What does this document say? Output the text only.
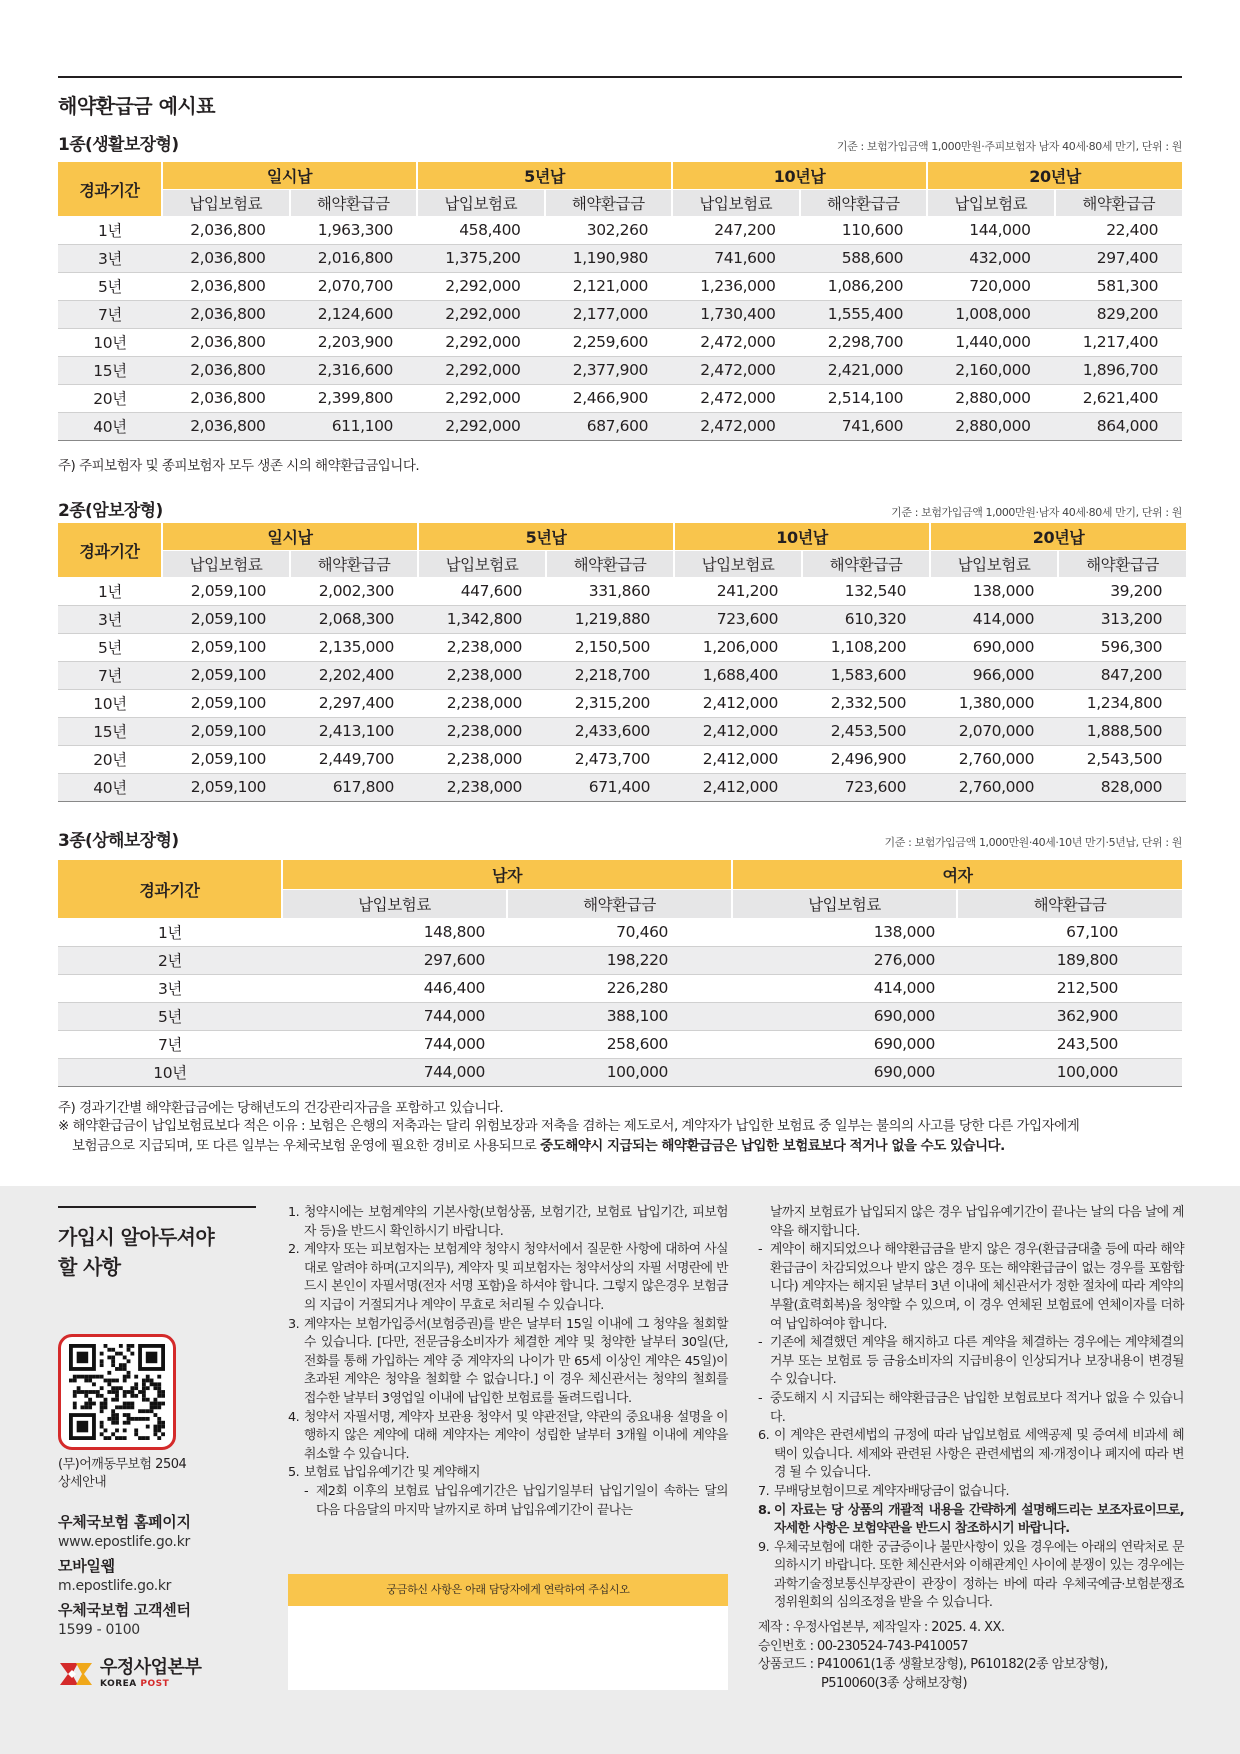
해약환급금 예시표
1종(생활보장형)	기준 : 보험가입금액 1,000만원·주피보험자 남자 40세·80세 만기, 단위 : 원
경과기간	일시납		5년납		10년납		20년납	
	납입보험료	해약환급금	납입보험료	해약환급금	납입보험료	해약환급금	납입보험료	해약환급금
1년	2,036,800	1,963,300	458,400	302,260	247,200	110,600	144,000	22,400
3년	2,036,800	2,016,800	1,375,200	1,190,980	741,600	588,600	432,000	297,400
5년	2,036,800	2,070,700	2,292,000	2,121,000	1,236,000	1,086,200	720,000	581,300
7년	2,036,800	2,124,600	2,292,000	2,177,000	1,730,400	1,555,400	1,008,000	829,200
10년	2,036,800	2,203,900	2,292,000	2,259,600	2,472,000	2,298,700	1,440,000	1,217,400
15년	2,036,800	2,316,600	2,292,000	2,377,900	2,472,000	2,421,000	2,160,000	1,896,700
20년	2,036,800	2,399,800	2,292,000	2,466,900	2,472,000	2,514,100	2,880,000	2,621,400
40년	2,036,800	611,100	2,292,000	687,600	2,472,000	741,600	2,880,000	864,000
주) 주피보험자 및 종피보험자 모두 생존 시의 해약환급금입니다.
2종(암보장형)	기준 : 보험가입금액 1,000만원·남자 40세·80세 만기, 단위 : 원
경과기간	일시납		5년납		10년납		20년납	
	납입보험료	해약환급금	납입보험료	해약환급금	납입보험료	해약환급금	납입보험료	해약환급금
1년	2,059,100	2,002,300	447,600	331,860	241,200	132,540	138,000	39,200
3년	2,059,100	2,068,300	1,342,800	1,219,880	723,600	610,320	414,000	313,200
5년	2,059,100	2,135,000	2,238,000	2,150,500	1,206,000	1,108,200	690,000	596,300
7년	2,059,100	2,202,400	2,238,000	2,218,700	1,688,400	1,583,600	966,000	847,200
10년	2,059,100	2,297,400	2,238,000	2,315,200	2,412,000	2,332,500	1,380,000	1,234,800
15년	2,059,100	2,413,100	2,238,000	2,433,600	2,412,000	2,453,500	2,070,000	1,888,500
20년	2,059,100	2,449,700	2,238,000	2,473,700	2,412,000	2,496,900	2,760,000	2,543,500
40년	2,059,100	617,800	2,238,000	671,400	2,412,000	723,600	2,760,000	828,000
3종(상해보장형)	기준 : 보험가입금액 1,000만원·40세·10년 만기·5년납, 단위 : 원
경과기간	남자		여자	
	납입보험료	해약환급금	납입보험료	해약환급금
1년	148,800	70,460	138,000	67,100
2년	297,600	198,220	276,000	189,800
3년	446,400	226,280	414,000	212,500
5년	744,000	388,100	690,000	362,900
7년	744,000	258,600	690,000	243,500
10년	744,000	100,000	690,000	100,000
주) 경과기간별 해약환급금에는 당해년도의 건강관리자금을 포함하고 있습니다.
※ 해약환급금이 납입보험료보다 적은 이유 : 보험은 은행의 저축과는 달리 위험보장과 저축을 겸하는 제도로서, 계약자가 납입한 보험료 중 일부는 불의의 사고를 당한 다른 가입자에게
보험금으로 지급되며, 또 다른 일부는 우체국보험 운영에 필요한 경비로 사용되므로 중도해약시 지급되는 해약환급금은 납입한 보험료보다 적거나 없을 수도 있습니다.
가입시 알아두셔야
할 사항
(무)어깨동무보험 2504
상세안내
우체국보험 홈페이지
www.epostlife.go.kr
모바일웹
m.epostlife.go.kr
우체국보험 고객센터
1599 - 0100
우정사업본부
KOREA POST
1. 청약시에는 보험계약의 기본사항(보험상품, 보험기간, 보험료 납입기간, 피보험자 등)을 반드시 확인하시기 바랍니다.
2. 계약자 또는 피보험자는 보험계약 청약시 청약서에서 질문한 사항에 대하여 사실대로 알려야 하며(고지의무), 계약자 및 피보험자는 청약서상의 자필 서명란에 반드시 본인이 자필서명(전자 서명 포함)을 하셔야 합니다. 그렇지 않은경우 보험금의 지급이 거절되거나 계약이 무효로 처리될 수 있습니다.
3. 계약자는 보험가입증서(보험증권)를 받은 날부터 15일 이내에 그 청약을 철회할 수 있습니다. [다만, 전문금융소비자가 체결한 계약 및 청약한 날부터 30일(단, 전화를 통해 가입하는 계약 중 계약자의 나이가 만 65세 이상인 계약은 45일)이 초과된 계약은 청약을 철회할 수 없습니다.] 이 경우 체신관서는 청약의 철회를 접수한 날부터 3영업일 이내에 납입한 보험료를 돌려드립니다.
4. 청약서 자필서명, 계약자 보관용 청약서 및 약관전달, 약관의 중요내용 설명을 이행하지 않은 계약에 대해 계약자는 계약이 성립한 날부터 3개월 이내에 계약을 취소할 수 있습니다.
5. 보험료 납입유예기간 및 계약해지
- 제2회 이후의 보험료 납입유예기간은 납입기일부터 납입기일이 속하는 달의 다음 다음달의 마지막 날까지로 하며 납입유예기간이 끝나는
궁금하신 사항은 아래 담당자에게 연락하여 주십시오
날까지 보험료가 납입되지 않은 경우 납입유예기간이 끝나는 날의 다음 날에 계약을 해지합니다.
- 계약이 해지되었으나 해약환급금을 받지 않은 경우(환급금대출 등에 따라 해약환급금이 차감되었으나 받지 않은 경우 또는 해약환급금이 없는 경우를 포함합니다) 계약자는 해지된 날부터 3년 이내에 체신관서가 정한 절차에 따라 계약의 부활(효력회복)을 청약할 수 있으며, 이 경우 연체된 보험료에 연체이자를 더하여 납입하여야 합니다.
- 기존에 체결했던 계약을 해지하고 다른 계약을 체결하는 경우에는 계약체결의 거부 또는 보험료 등 금융소비자의 지급비용이 인상되거나 보장내용이 변경될 수 있습니다.
- 중도해지 시 지급되는 해약환급금은 납입한 보험료보다 적거나 없을 수 있습니다.
6. 이 계약은 관련세법의 규정에 따라 납입보험료 세액공제 및 증여세 비과세 혜택이 있습니다. 세제와 관련된 사항은 관련세법의 제·개정이나 폐지에 따라 변경 될 수 있습니다.
7. 무배당보험이므로 계약자배당금이 없습니다.
8. 이 자료는 당 상품의 개괄적 내용을 간략하게 설명해드리는 보조자료이므로, 자세한 사항은 보험약관을 반드시 참조하시기 바랍니다.
9. 우체국보험에 대한 궁금증이나 불만사항이 있을 경우에는 아래의 연락처로 문의하시기 바랍니다. 또한 체신관서와 이해관계인 사이에 분쟁이 있는 경우에는 과학기술정보통신부장관이 관장이 정하는 바에 따라 우체국예금·보험분쟁조정위원회의 심의조정을 받을 수 있습니다.
제작 : 우정사업본부, 제작일자 : 2025. 4. XX.
승인번호 : 00-230524-743-P410057
상품코드 : P410061(1종 생활보장형), P610182(2종 암보장형),
P510060(3종 상해보장형)
